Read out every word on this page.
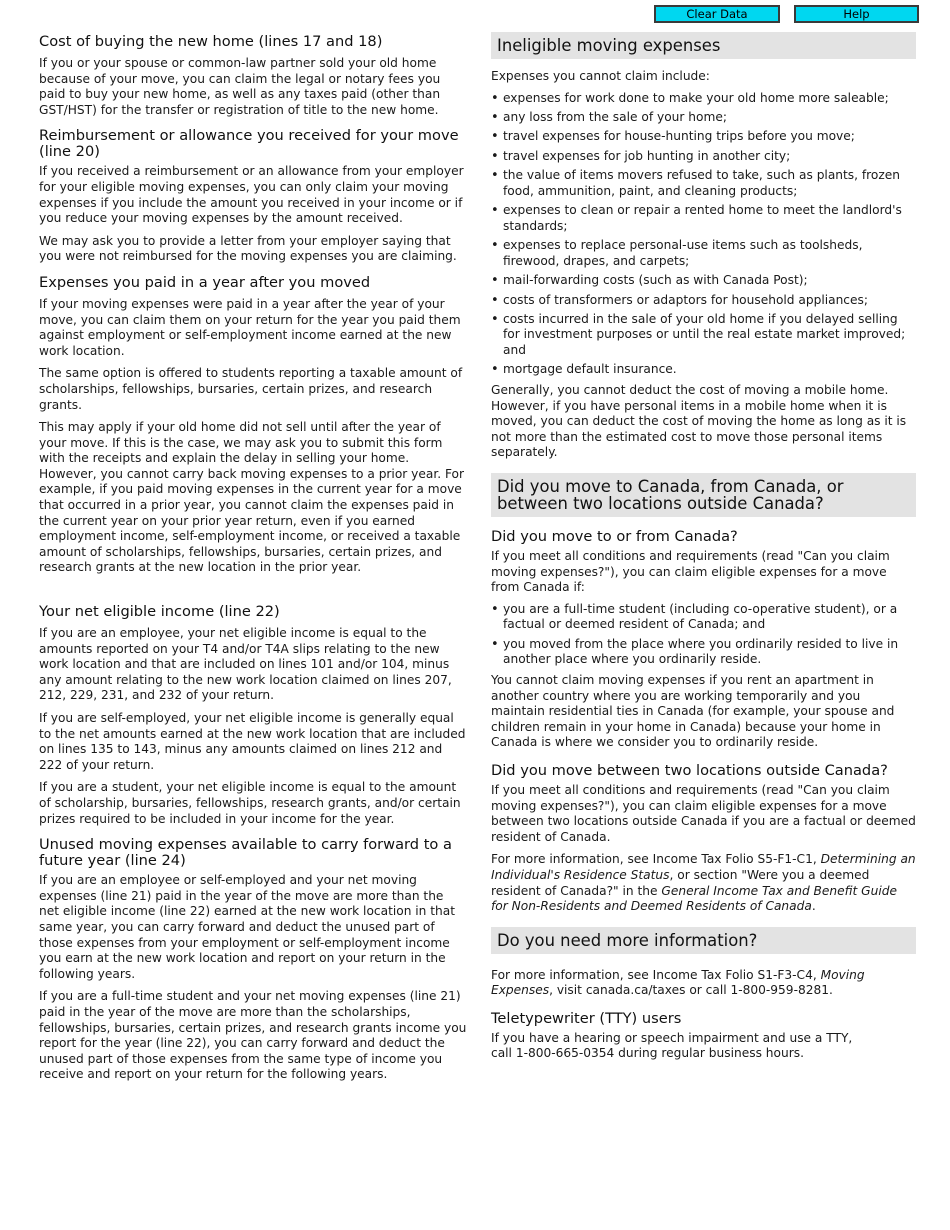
Clear Data	Help
Cost of buying the new home (lines 17 and 18)

If you or your spouse or common-law partner sold your old home because of your move, you can claim the legal or notary fees you paid to buy your new home, as well as any taxes paid (other than GST/HST) for the transfer or registration of title to the new home.

Reimbursement or allowance you received for your move (line 20)

If you received a reimbursement or an allowance from your employer for your eligible moving expenses, you can only claim your moving expenses if you include the amount you received in your income or if you reduce your moving expenses by the amount received.

We may ask you to provide a letter from your employer saying that you were not reimbursed for the moving expenses you are claiming.

Expenses you paid in a year after you moved

If your moving expenses were paid in a year after the year of your move, you can claim them on your return for the year you paid them against employment or self-employment income earned at the new work location.

The same option is offered to students reporting a taxable amount of scholarships, fellowships, bursaries, certain prizes, and research grants.

This may apply if your old home did not sell until after the year of your move. If this is the case, we may ask you to submit this form with the receipts and explain the delay in selling your home. However, you cannot carry back moving expenses to a prior year. For example, if you paid moving expenses in the current year for a move that occurred in a prior year, you cannot claim the expenses paid in the current year on your prior year return, even if you earned employment income, self-employment income, or received a taxable amount of scholarships, fellowships, bursaries, certain prizes, and research grants at the new location in the prior year.

Your net eligible income (line 22)

If you are an employee, your net eligible income is equal to the amounts reported on your T4 and/or T4A slips relating to the new work location and that are included on lines 101 and/or 104, minus any amount relating to the new work location claimed on lines 207, 212, 229, 231, and 232 of your return.

If you are self-employed, your net eligible income is generally equal to the net amounts earned at the new work location that are included on lines 135 to 143, minus any amounts claimed on lines 212 and 222 of your return.

If you are a student, your net eligible income is equal to the amount of scholarship, bursaries, fellowships, research grants, and/or certain prizes required to be included in your income for the year.

Unused moving expenses available to carry forward to a future year (line 24)

If you are an employee or self-employed and your net moving expenses (line 21) paid in the year of the move are more than the net eligible income (line 22) earned at the new work location in that same year, you can carry forward and deduct the unused part of those expenses from your employment or self-employment income you earn at the new work location and report on your return in the following years.

If you are a full-time student and your net moving expenses (line 21) paid in the year of the move are more than the scholarships, fellowships, bursaries, certain prizes, and research grants income you report for the year (line 22), you can carry forward and deduct the unused part of those expenses from the same type of income you receive and report on your return for the following years.

Ineligible moving expenses

Expenses you cannot claim include:

• expenses for work done to make your old home more saleable;
• any loss from the sale of your home;
• travel expenses for house-hunting trips before you move;
• travel expenses for job hunting in another city;
• the value of items movers refused to take, such as plants, frozen food, ammunition, paint, and cleaning products;
• expenses to clean or repair a rented home to meet the landlord's standards;
• expenses to replace personal-use items such as toolsheds, firewood, drapes, and carpets;
• mail-forwarding costs (such as with Canada Post);
• costs of transformers or adaptors for household appliances;
• costs incurred in the sale of your old home if you delayed selling for investment purposes or until the real estate market improved; and
• mortgage default insurance.

Generally, you cannot deduct the cost of moving a mobile home. However, if you have personal items in a mobile home when it is moved, you can deduct the cost of moving the home as long as it is not more than the estimated cost to move those personal items separately.

Did you move to Canada, from Canada, or between two locations outside Canada?
Did you move to or from Canada?

If you meet all conditions and requirements (read "Can you claim moving expenses?"), you can claim eligible expenses for a move from Canada if:

• you are a full-time student (including co-operative student), or a factual or deemed resident of Canada; and
• you moved from the place where you ordinarily resided to live in another place where you ordinarily reside.

You cannot claim moving expenses if you rent an apartment in another country where you are working temporarily and you maintain residential ties in Canada (for example, your spouse and children remain in your home in Canada) because your home in Canada is where we consider you to ordinarily reside.

Did you move between two locations outside Canada?

If you meet all conditions and requirements (read "Can you claim moving expenses?"), you can claim eligible expenses for a move between two locations outside Canada if you are a factual or deemed resident of Canada.

For more information, see Income Tax Folio S5-F1-C1, Determining an Individual's Residence Status, or section "Were you a deemed resident of Canada?" in the General Income Tax and Benefit Guide for Non-Residents and Deemed Residents of Canada.

Do you need more information?

For more information, see Income Tax Folio S1-F3-C4, Moving Expenses, visit canada.ca/taxes or call 1-800-959-8281.

Teletypewriter (TTY) users

If you have a hearing or speech impairment and use a TTY, call 1-800-665-0354 during regular business hours.
